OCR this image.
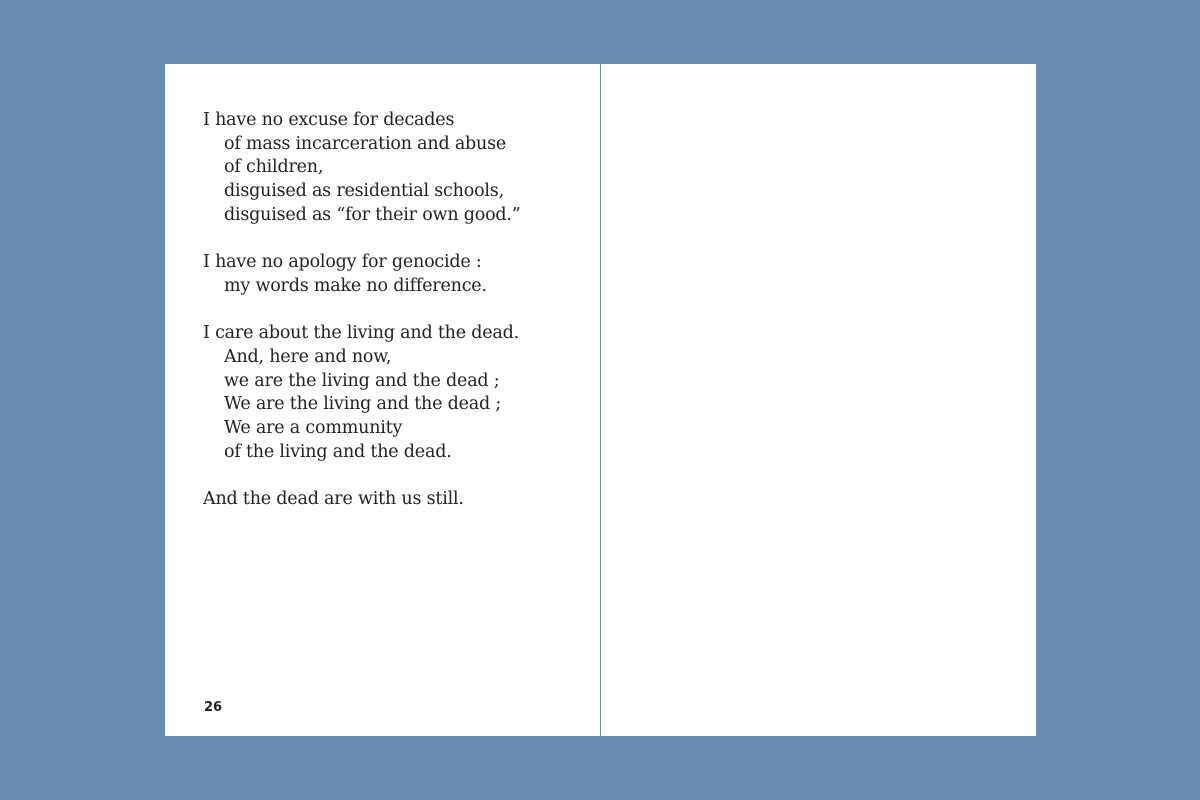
I have no excuse for decades
of mass incarceration and abuse
of children,
disguised as residential schools,
disguised as “for their own good.”
I have no apology for genocide :
my words make no difference.
I care about the living and the dead.
And, here and now,
we are the living and the dead ;
We are the living and the dead ;
We are a community
of the living and the dead.
And the dead are with us still.
26
